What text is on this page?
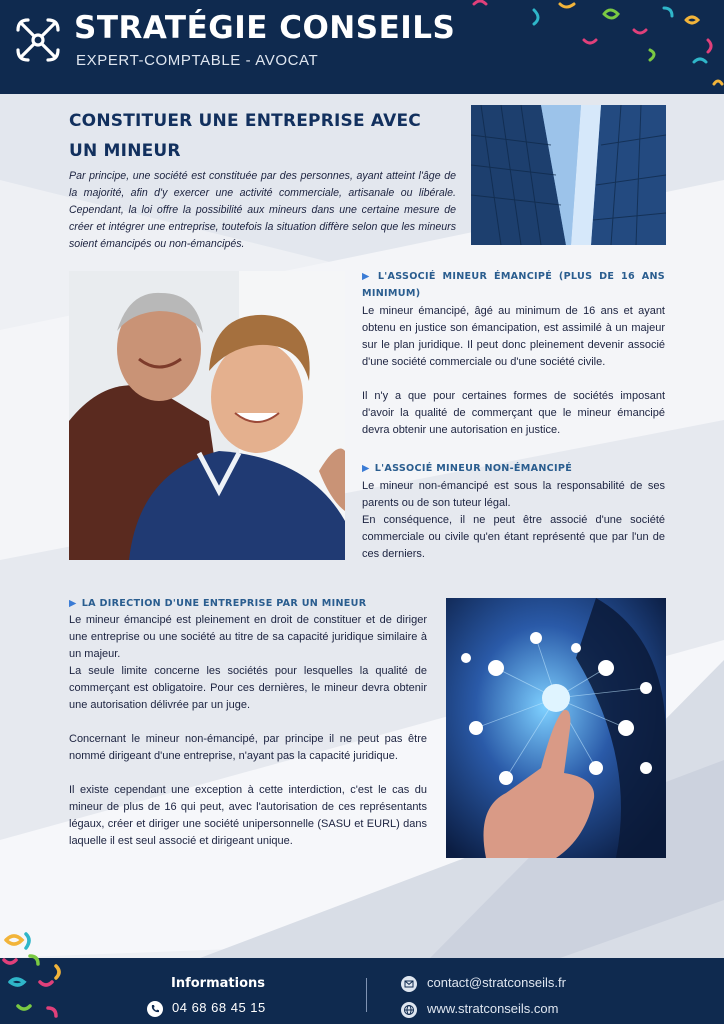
STRATÉGIE CONSEILS
EXPERT-COMPTABLE - AVOCAT
CONSTITUER UNE ENTREPRISE AVEC UN MINEUR

Par principe, une société est constituée par des personnes, ayant atteint l'âge de la majorité, afin d'y exercer une activité commerciale, artisanale ou libérale. Cependant, la loi offre la possibilité aux mineurs dans une certaine mesure de créer et intégrer une entreprise, toutefois la situation diffère selon que les mineurs soient émancipés ou non-émancipés.

▶ L'ASSOCIÉ MINEUR ÉMANCIPÉ (PLUS DE 16 ANS MINIMUM)

Le mineur émancipé, âgé au minimum de 16 ans et ayant obtenu en justice son émancipation, est assimilé à un majeur sur le plan juridique. Il peut donc pleinement devenir associé d'une société commerciale ou d'une société civile.

Il n'y a que pour certaines formes de sociétés imposant d'avoir la qualité de commerçant que le mineur émancipé devra obtenir une autorisation en justice.

▶ L'ASSOCIÉ MINEUR NON-ÉMANCIPÉ

Le mineur non-émancipé est sous la responsabilité de ses parents ou de son tuteur légal.

En conséquence, il ne peut être associé d'une société commerciale ou civile qu'en étant représenté que par l'un de ces derniers.

▶ LA DIRECTION D'UNE ENTREPRISE PAR UN MINEUR

Le mineur émancipé est pleinement en droit de constituer et de diriger une entreprise ou une société au titre de sa capacité juridique similaire à un majeur.

La seule limite concerne les sociétés pour lesquelles la qualité de commerçant est obligatoire. Pour ces dernières, le mineur devra obtenir une autorisation délivrée par un juge.

Concernant le mineur non-émancipé, par principe il ne peut pas être nommé dirigeant d'une entreprise, n'ayant pas la capacité juridique.

Il existe cependant une exception à cette interdiction, c'est le cas du mineur de plus de 16 qui peut, avec l'autorisation de ces représentants légaux, créer et diriger une société unipersonnelle (SASU et EURL) dans laquelle il est seul associé et dirigeant unique.

Informations
04 68 68 45 15
contact@stratconseils.fr
www.stratconseils.com
